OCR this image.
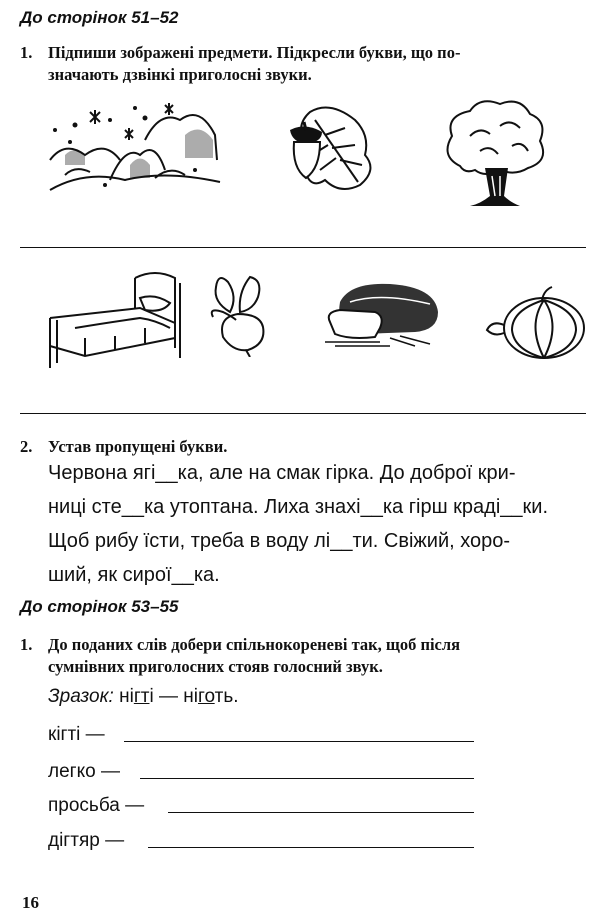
До сторінок 51–52
1. Підпиши зображені предмети. Підкресли букви, що по-
значають дзвінкі приголосні звуки.
2. Устав пропущені букви.
Червона ягі__ка, але на смак гірка. До доброї кри-
ниці сте__ка утоптана. Лиха знахі__ка гірш краді__ки.
Щоб рибу їсти, треба в воду лі__ти. Свіжий, хоро-
ший, як сирої__ка.
До сторінок 53–55
1. До поданих слів добери спільнокореневі так, щоб після
сумнівних приголосних стояв голосний звук.
Зразок: нігті — ніготь.
кігті —
легко —
просьба —
дігтяр —
16
